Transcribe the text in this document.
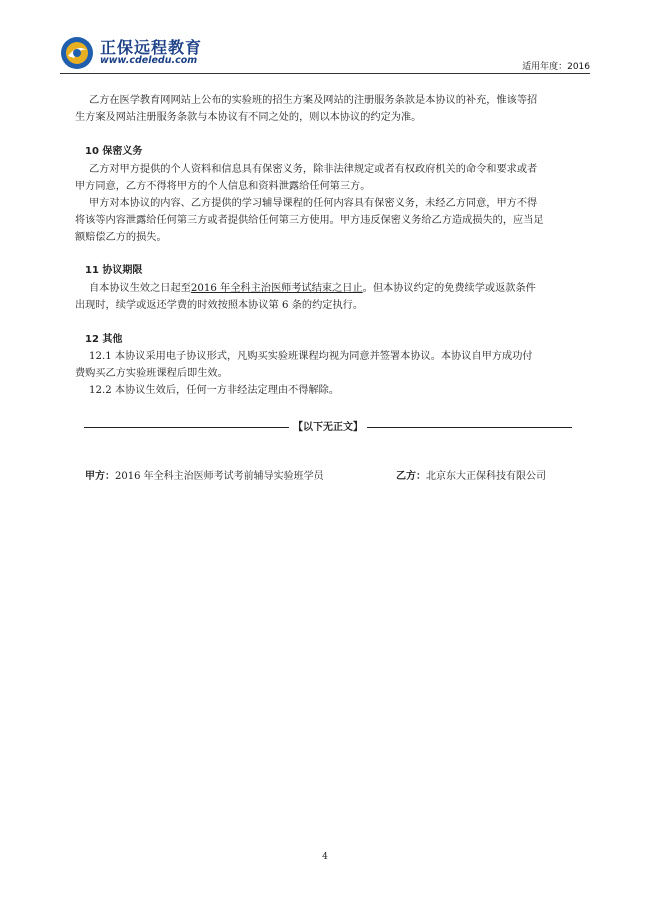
正保远程教育
www.cdeledu.com
适用年度：2016
乙方在医学教育网网站上公布的实验班的招生方案及网站的注册服务条款是本协议的补充，惟该等招
生方案及网站注册服务条款与本协议有不同之处的，则以本协议的约定为准。
10 保密义务
乙方对甲方提供的个人资料和信息具有保密义务，除非法律规定或者有权政府机关的命令和要求或者
甲方同意，乙方不得将甲方的个人信息和资料泄露给任何第三方。
甲方对本协议的内容、乙方提供的学习辅导课程的任何内容具有保密义务，未经乙方同意，甲方不得
将该等内容泄露给任何第三方或者提供给任何第三方使用。甲方违反保密义务给乙方造成损失的，应当足
额赔偿乙方的损失。
11 协议期限
自本协议生效之日起至2016 年全科主治医师考试结束之日止。但本协议约定的免费续学或返款条件
出现时，续学或返还学费的时效按照本协议第 6 条的约定执行。
12 其他
12.1 本协议采用电子协议形式，凡购买实验班课程均视为同意并签署本协议。本协议自甲方成功付
费购买乙方实验班课程后即生效。
12.2 本协议生效后，任何一方非经法定理由不得解除。
【以下无正文】
甲方：2016 年全科主治医师考试考前辅导实验班学员	乙方：北京东大正保科技有限公司
4
